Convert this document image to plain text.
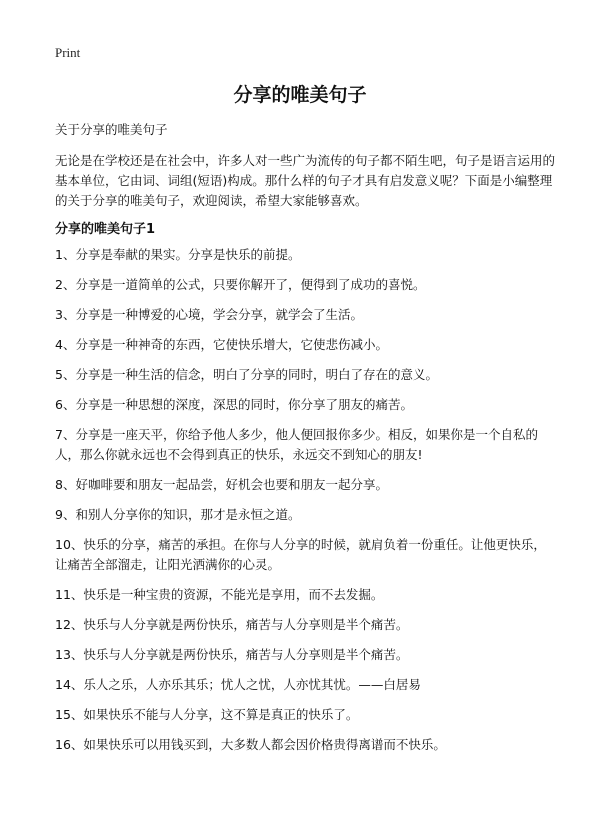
Print
分享的唯美句子

关于分享的唯美句子

无论是在学校还是在社会中，许多人对一些广为流传的句子都不陌生吧，句子是语言运用的基本单位，它由词、词组(短语)构成。那什么样的句子才具有启发意义呢？下面是小编整理的关于分享的唯美句子，欢迎阅读，希望大家能够喜欢。

分享的唯美句子1
1、分享是奉献的果实。分享是快乐的前提。
2、分享是一道简单的公式，只要你解开了，便得到了成功的喜悦。
3、分享是一种博爱的心境，学会分享，就学会了生活。
4、分享是一种神奇的东西，它使快乐增大，它使悲伤减小。
5、分享是一种生活的信念，明白了分享的同时，明白了存在的意义。
6、分享是一种思想的深度，深思的同时，你分享了朋友的痛苦。
7、分享是一座天平，你给予他人多少，他人便回报你多少。相反，如果你是一个自私的人，那么你就永远也不会得到真正的快乐，永远交不到知心的朋友!
8、好咖啡要和朋友一起品尝，好机会也要和朋友一起分享。
9、和别人分享你的知识，那才是永恒之道。
10、快乐的分享，痛苦的承担。在你与人分享的时候，就肩负着一份重任。让他更快乐，让痛苦全部溜走，让阳光洒满你的心灵。
11、快乐是一种宝贵的资源，不能光是享用，而不去发掘。
12、快乐与人分享就是两份快乐，痛苦与人分享则是半个痛苦。
13、快乐与人分享就是两份快乐，痛苦与人分享则是半个痛苦。
14、乐人之乐，人亦乐其乐；忧人之忧，人亦忧其忧。——白居易
15、如果快乐不能与人分享，这不算是真正的快乐了。
16、如果快乐可以用钱买到，大多数人都会因价格贵得离谱而不快乐。
